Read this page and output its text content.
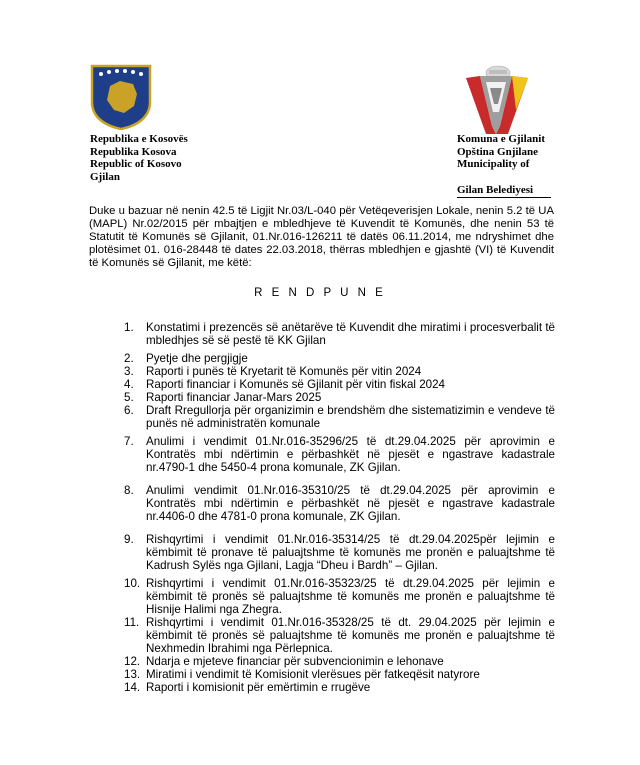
Republika e Kosovës
Republika Kosova
Republic of Kosovo
Gjilan
Komuna e Gjilanit
Opština Gnjilane
Municipality of
Gilan Belediyesi
Duke u bazuar në nenin 42.5 të Ligjit Nr.03/L-040 për Vetëqeverisjen Lokale, nenin 5.2 të UA (MAPL) Nr.02/2015 për mbajtjen e mbledhjeve të Kuvendit të Komunës, dhe nenin 53 të Statutit të Komunës së Gjilanit, 01.Nr.016-126211 të datës 06.11.2014, me ndryshimet dhe plotësimet 01. 016-28448 të dates 22.03.2018, thërras mbledhjen e gjashtë (VI) të Kuvendit të Komunës së Gjilanit, me këtë:
R E N D P U N E
1.	Konstatimi i prezencës së anëtarëve të Kuvendit dhe miratimi i procesverbalit të mbledhjes së së pestë të KK Gjilan
2.	Pyetje dhe pergjigje
3.	Raporti i punës të Kryetarit të Komunës për vitin 2024
4.	Raporti financiar i Komunës së Gjilanit për vitin fiskal 2024
5.	Raporti financiar Janar-Mars 2025
6.	Draft Rregullorja për organizimin e brendshëm dhe sistematizimin e vendeve të punës në administratën komunale
7.	Anulimi i vendimit 01.Nr.016-35296/25 të dt.29.04.2025 për aprovimin e Kontratës mbi ndërtimin e përbashkët në pjesët e ngastrave kadastrale nr.4790-1 dhe 5450-4 prona komunale, ZK Gjilan.
8.	Anulimi vendimit 01.Nr.016-35310/25 të dt.29.04.2025 për aprovimin e Kontratës mbi ndërtimin e përbashkët në pjesët e ngastrave kadastrale nr.4406-0 dhe 4781-0 prona komunale, ZK Gjilan.
9.	Rishqyrtimi i vendimit 01.Nr.016-35314/25 të dt.29.04.2025për lejimin e këmbimit të pronave të paluajtshme të komunës me pronën e paluajtshme të Kadrush Sylës nga Gjilani, Lagja “Dheu i Bardh” – Gjilan.
10. Rishqyrtimi i vendimit 01.Nr.016-35323/25 të dt.29.04.2025 për lejimin e këmbimit të pronës së paluajtshme të komunës me pronën e paluajtshme të Hisnije Halimi nga Zhegra.
11. Rishqyrtimi i vendimit 01.Nr.016-35328/25 të dt. 29.04.2025 për lejimin e këmbimit të pronës së paluajtshme të komunës me pronën e paluajtshme të Nexhmedin Ibrahimi nga Përlepnica.
12. Ndarja e mjeteve financiar për subvencionimin e lehonave
13. Miratimi i vendimit të Komisionit vlerësues për fatkeqësit natyrore
14. Raporti i komisionit për emërtimin e rrugëve
